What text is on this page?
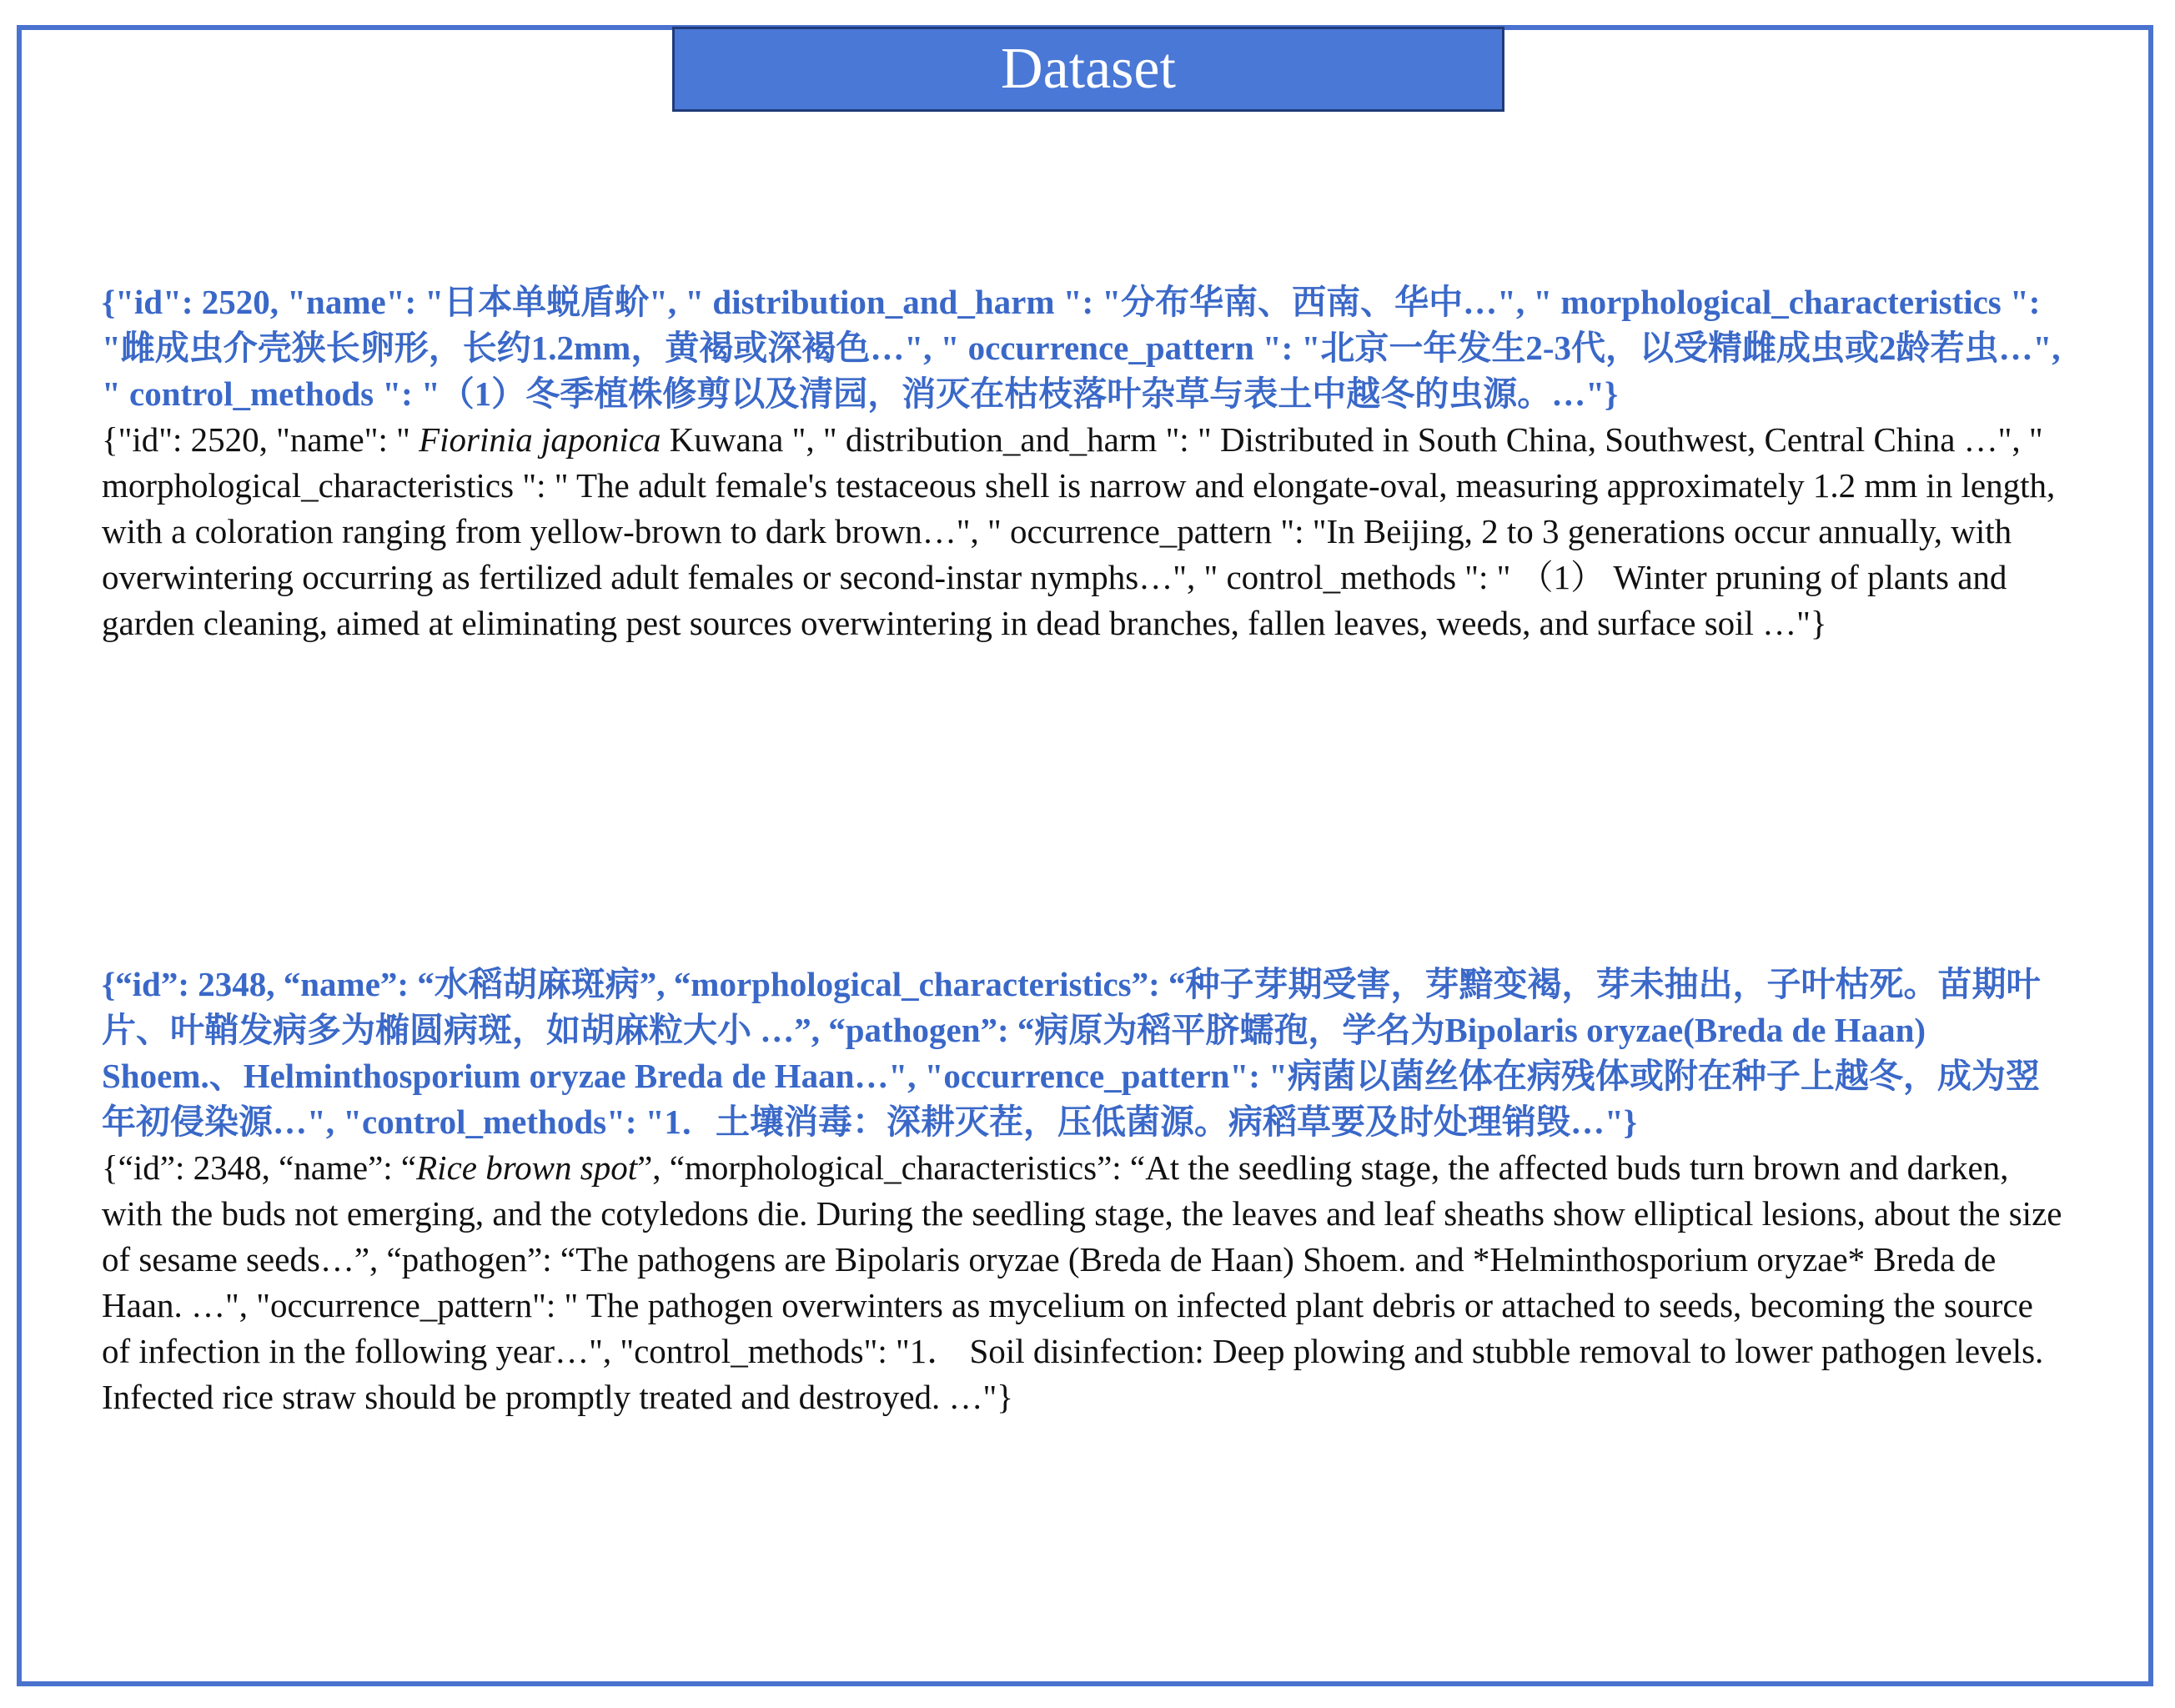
Dataset

{"id": 2520, "name": "日本单蜕盾蚧", " distribution_and_harm ": "分布华南、西南、华中…", " morphological_characteristics ": "雌成虫介壳狭长卵形，长约1.2mm，黄褐或深褐色…", " occurrence_pattern ": "北京一年发生2-3代，以受精雌成虫或2龄若虫…", " control_methods ": "（1）冬季植株修剪以及清园，消灭在枯枝落叶杂草与表土中越冬的虫源。…"}

{"id": 2520, "name": " Fiorinia japonica Kuwana ", " distribution_and_harm ": " Distributed in South China, Southwest, Central China …", " morphological_characteristics ": " The adult female's testaceous shell is narrow and elongate-oval, measuring approximately 1.2 mm in length, with a coloration ranging from yellow-brown to dark brown…", " occurrence_pattern ": "In Beijing, 2 to 3 generations occur annually, with overwintering occurring as fertilized adult females or second-instar nymphs…", " control_methods ": " （1） Winter pruning of plants and garden cleaning, aimed at eliminating pest sources overwintering in dead branches, fallen leaves, weeds, and surface soil …"}

{“id”: 2348, “name”: “水稻胡麻斑病”, “morphological_characteristics”: “种子芽期受害，芽黯变褐，芽未抽出，子叶枯死。苗期叶片、叶鞘发病多为椭圆病斑，如胡麻粒大小 …”, “pathogen”: “病原为稻平脐蠕孢，学名为Bipolaris oryzae(Breda de Haan) Shoem.、Helminthosporium oryzae Breda de Haan…", "occurrence_pattern": "病菌以菌丝体在病残体或附在种子上越冬，成为翌年初侵染源…", "control_methods": "1．土壤消毒：深耕灭茬，压低菌源。病稻草要及时处理销毁…"}

{“id”: 2348, “name”: “Rice brown spot”, “morphological_characteristics”: “At the seedling stage, the affected buds turn brown and darken, with the buds not emerging, and the cotyledons die. During the seedling stage, the leaves and leaf sheaths show elliptical lesions, about the size of sesame seeds…”, “pathogen”: “The pathogens are Bipolaris oryzae (Breda de Haan) Shoem. and *Helminthosporium oryzae* Breda de Haan. …", "occurrence_pattern": " The pathogen overwinters as mycelium on infected plant debris or attached to seeds, becoming the source of infection in the following year…", "control_methods": "1． Soil disinfection: Deep plowing and stubble removal to lower pathogen levels. Infected rice straw should be promptly treated and destroyed. …"}
